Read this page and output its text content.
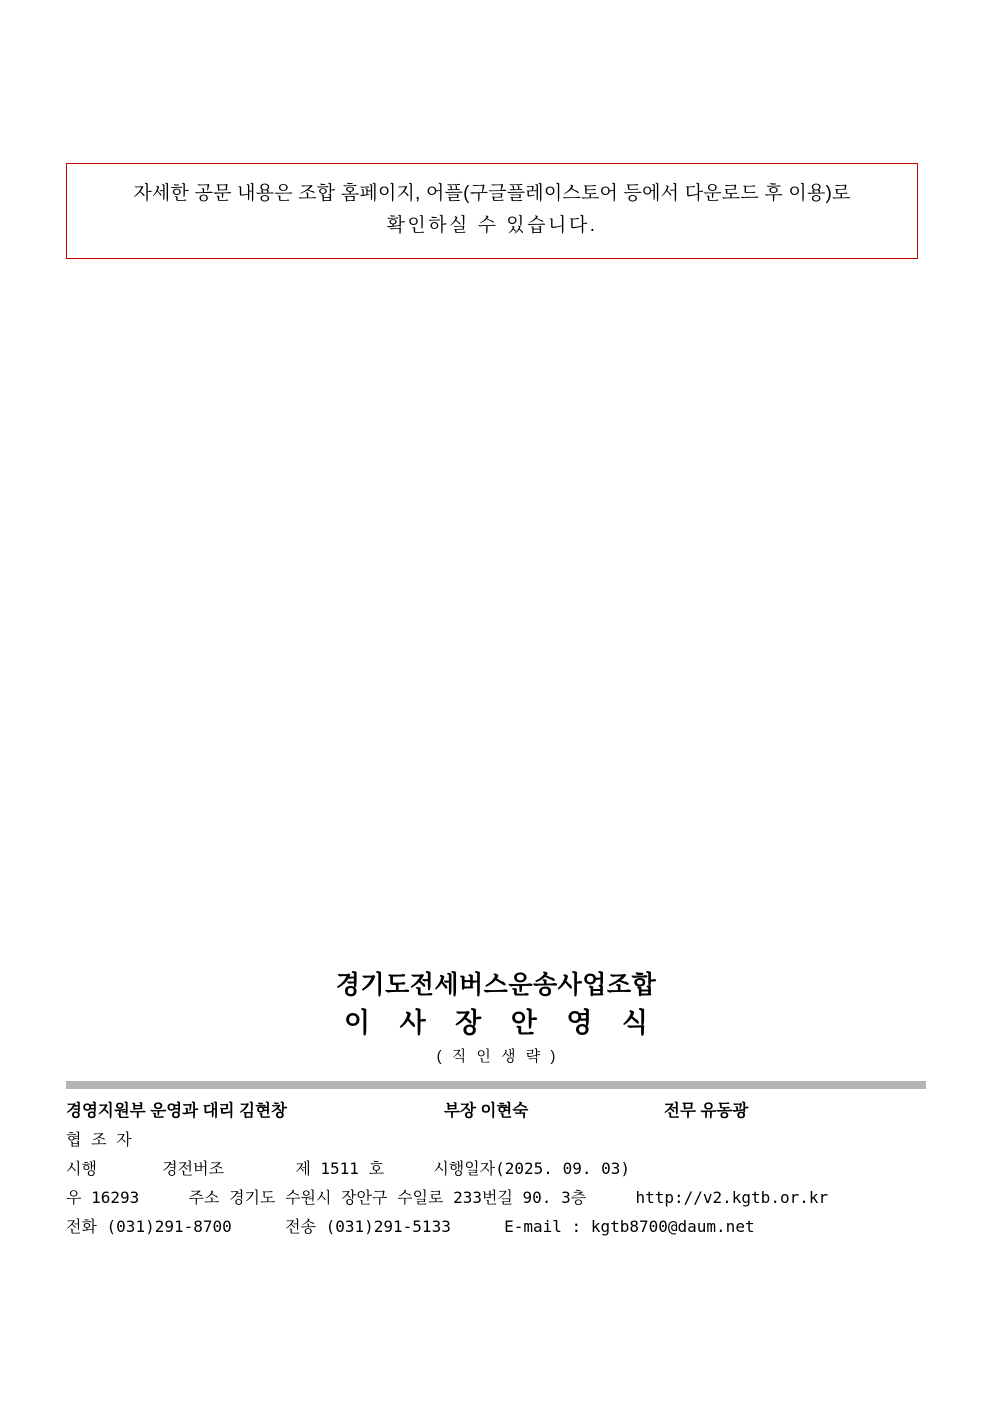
자세한 공문 내용은 조합 홈페이지, 어플(구글플레이스토어 등에서 다운로드 후 이용)로
확인하실 수 있습니다.
경기도전세버스운송사업조합
이 사 장 안 영 식
( 직 인 생 략 )
경영지원부 운영과 대리 김현창	부장 이현숙	전무 유동광
협 조 자
시행	경전버조	제 1511 호	시행일자(2025. 09. 03)
우 16293	주소 경기도 수원시 장안구 수일로 233번길 90. 3층	http://v2.kgtb.or.kr
전화 (031)291-8700	전송 (031)291-5133	E-mail : kgtb8700@daum.net
